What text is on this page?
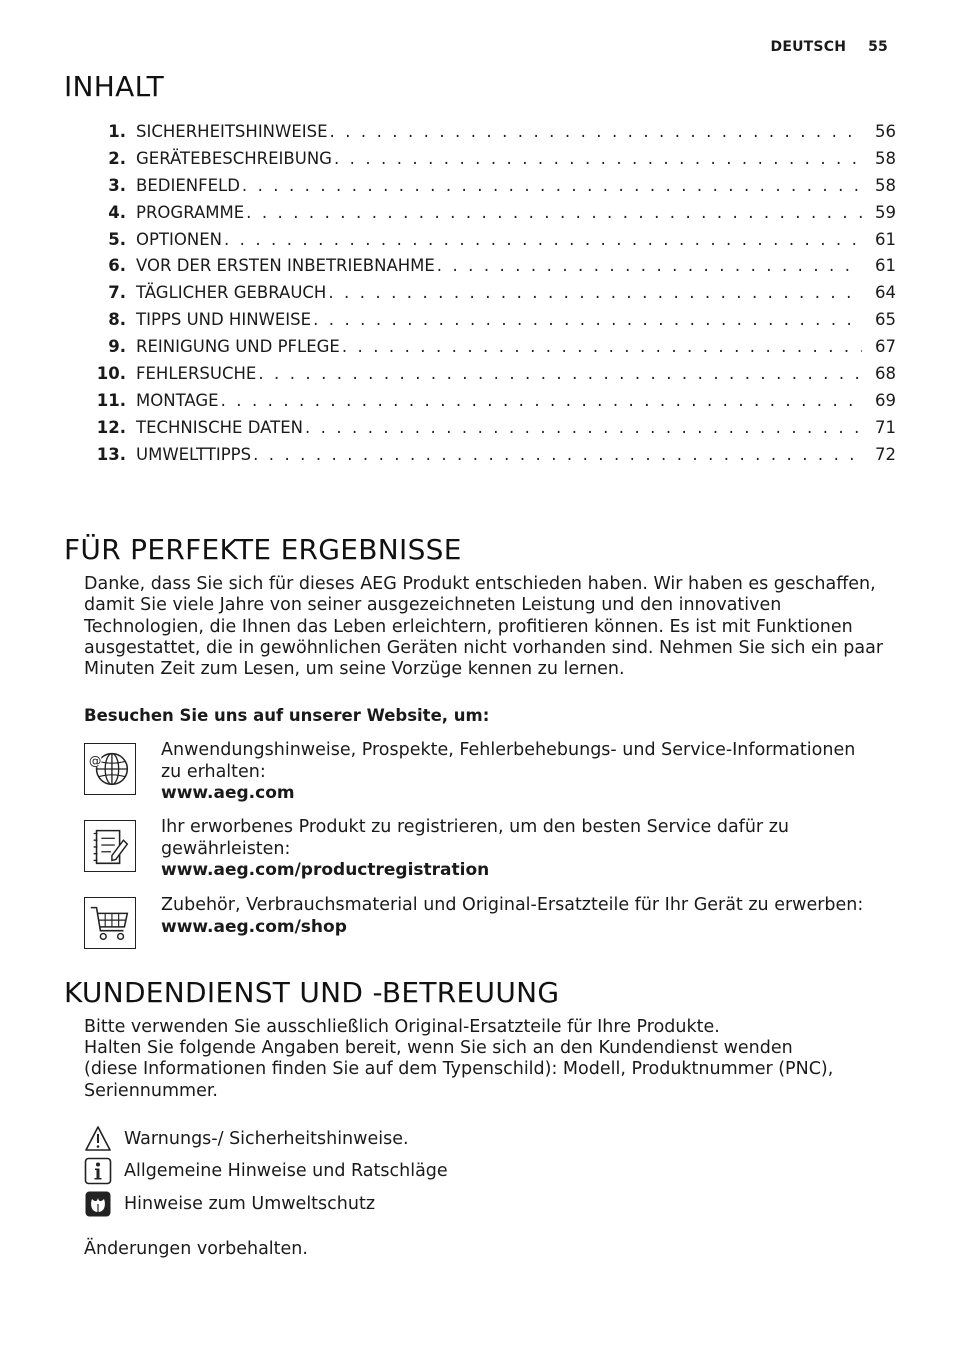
DEUTSCH 55
INHALT
1. SICHERHEITSHINWEISE . . .	56
2. GERÄTEBESCHREIBUNG . . .	58
3. BEDIENFELD . . .	58
4. PROGRAMME . . .	59
5. OPTIONEN . . .	61
6. VOR DER ERSTEN INBETRIEBNAHME . . .	61
7. TÄGLICHER GEBRAUCH . . .	64
8. TIPPS UND HINWEISE . . .	65
9. REINIGUNG UND PFLEGE . . .	67
10. FEHLERSUCHE . . .	68
11. MONTAGE . . .	69
12. TECHNISCHE DATEN . . .	71
13. UMWELTTIPPS . . .	72
FÜR PERFEKTE ERGEBNISSE
Danke, dass Sie sich für dieses AEG Produkt entschieden haben. Wir haben es geschaffen, damit Sie viele Jahre von seiner ausgezeichneten Leistung und den innovativen Technologien, die Ihnen das Leben erleichtern, profitieren können. Es ist mit Funktionen ausgestattet, die in gewöhnlichen Geräten nicht vorhanden sind. Nehmen Sie sich ein paar Minuten Zeit zum Lesen, um seine Vorzüge kennen zu lernen.
Besuchen Sie uns auf unserer Website, um:
@
Anwendungshinweise, Prospekte, Fehlerbehebungs- und Service-Informationen zu erhalten:
www.aeg.com
Ihr erworbenes Produkt zu registrieren, um den besten Service dafür zu gewährleisten:
www.aeg.com/productregistration
Zubehör, Verbrauchsmaterial und Original-Ersatzteile für Ihr Gerät zu erwerben:
www.aeg.com/shop
KUNDENDIENST UND -BETREUUNG
Bitte verwenden Sie ausschließlich Original-Ersatzteile für Ihre Produkte.
Halten Sie folgende Angaben bereit, wenn Sie sich an den Kundendienst wenden (diese Informationen finden Sie auf dem Typenschild): Modell, Produktnummer (PNC), Seriennummer.
Warnungs-/ Sicherheitshinweise.
Allgemeine Hinweise und Ratschläge
Hinweise zum Umweltschutz
Änderungen vorbehalten.
